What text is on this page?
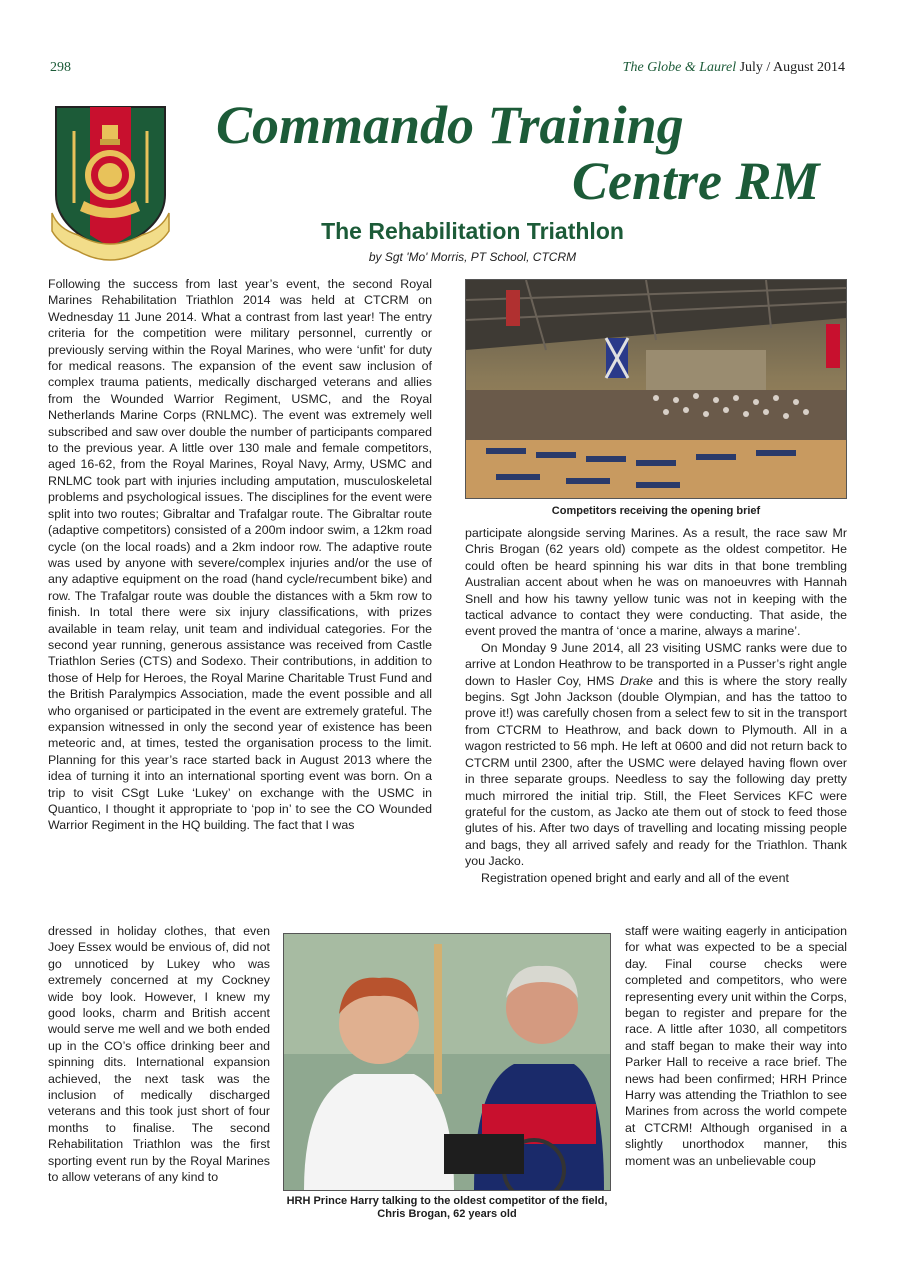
298	The Globe & Laurel July / August 2014
Commando Training
Centre RM
The Rehabilitation Triathlon
by Sgt 'Mo' Morris, PT School, CTCRM

Following the success from last year’s event, the second Royal Marines Rehabilitation Triathlon 2014 was held at CTCRM on Wednesday 11 June 2014. What a contrast from last year! The entry criteria for the competition were military personnel, currently or previously serving within the Royal Marines, who were ‘unfit’ for duty for medical reasons. The expansion of the event saw inclusion of complex trauma patients, medically discharged veterans and allies from the Wounded Warrior Regiment, USMC, and the Royal Netherlands Marine Corps (RNLMC). The event was extremely well subscribed and saw over double the number of participants compared to the previous year. A little over 130 male and female competitors, aged 16-62, from the Royal Marines, Royal Navy, Army, USMC and RNLMC took part with injuries including amputation, musculoskeletal problems and psychological issues. The disciplines for the event were split into two routes; Gibraltar and Trafalgar route. The Gibraltar route (adaptive competitors) consisted of a 200m indoor swim, a 12km road cycle (on the local roads) and a 2km indoor row. The adaptive route was used by anyone with severe/complex injuries and/or the use of any adaptive equipment on the road (hand cycle/recumbent bike) and row. The Trafalgar route was double the distances with a 5km row to finish. In total there were six injury classifications, with prizes available in team relay, unit team and individual categories. For the second year running, generous assistance was received from Castle Triathlon Series (CTS) and Sodexo. Their contributions, in addition to those of Help for Heroes, the Royal Marine Charitable Trust Fund and the British Paralympics Association, made the event possible and all who organised or participated in the event are extremely grateful. The expansion witnessed in only the second year of existence has been meteoric and, at times, tested the organisation process to the limit. Planning for this year’s race started back in August 2013 where the idea of turning it into an international sporting event was born. On a trip to visit CSgt Luke ‘Lukey’ on exchange with the USMC in Quantico, I thought it appropriate to ‘pop in’ to see the CO Wounded Warrior Regiment in the HQ building. The fact that I was

dressed in holiday clothes, that even Joey Essex would be envious of, did not go unnoticed by Lukey who was extremely concerned at my Cockney wide boy look. However, I knew my good looks, charm and British accent would serve me well and we both ended up in the CO’s office drinking beer and spinning dits. International expansion achieved, the next task was the inclusion of medically discharged veterans and this took just short of four months to finalise. The second Rehabilitation Triathlon was the first sporting event run by the Royal Marines to allow veterans of any kind to

Competitors receiving the opening brief

participate alongside serving Marines. As a result, the race saw Mr Chris Brogan (62 years old) compete as the oldest competitor. He could often be heard spinning his war dits in that bone trembling Australian accent about when he was on manoeuvres with Hannah Snell and how his tawny yellow tunic was not in keeping with the tactical advance to contact they were conducting. That aside, the event proved the mantra of ‘once a marine, always a marine’.

On Monday 9 June 2014, all 23 visiting USMC ranks were due to arrive at London Heathrow to be transported in a Pusser’s right angle down to Hasler Coy, HMS Drake and this is where the story really begins. Sgt John Jackson (double Olympian, and has the tattoo to prove it!) was carefully chosen from a select few to sit in the transport from CTCRM to Heathrow, and back down to Plymouth. All in a wagon restricted to 56 mph. He left at 0600 and did not return back to CTCRM until 2300, after the USMC were delayed having flown over in three separate groups. Needless to say the following day pretty much mirrored the initial trip. Still, the Fleet Services KFC were grateful for the custom, as Jacko ate them out of stock to feed those glutes of his. After two days of travelling and locating missing people and bags, they all arrived safely and ready for the Triathlon. Thank you Jacko.

Registration opened bright and early and all of the event

HRH Prince Harry talking to the oldest competitor of the field, Chris Brogan, 62 years old

staff were waiting eagerly in anticipation for what was expected to be a special day. Final course checks were completed and competitors, who were representing every unit within the Corps, began to register and prepare for the race. A little after 1030, all competitors and staff began to make their way into Parker Hall to receive a race brief. The news had been confirmed; HRH Prince Harry was attending the Triathlon to see Marines from across the world compete at CTCRM! Although organised in a slightly unorthodox manner, this moment was an unbelievable coup
